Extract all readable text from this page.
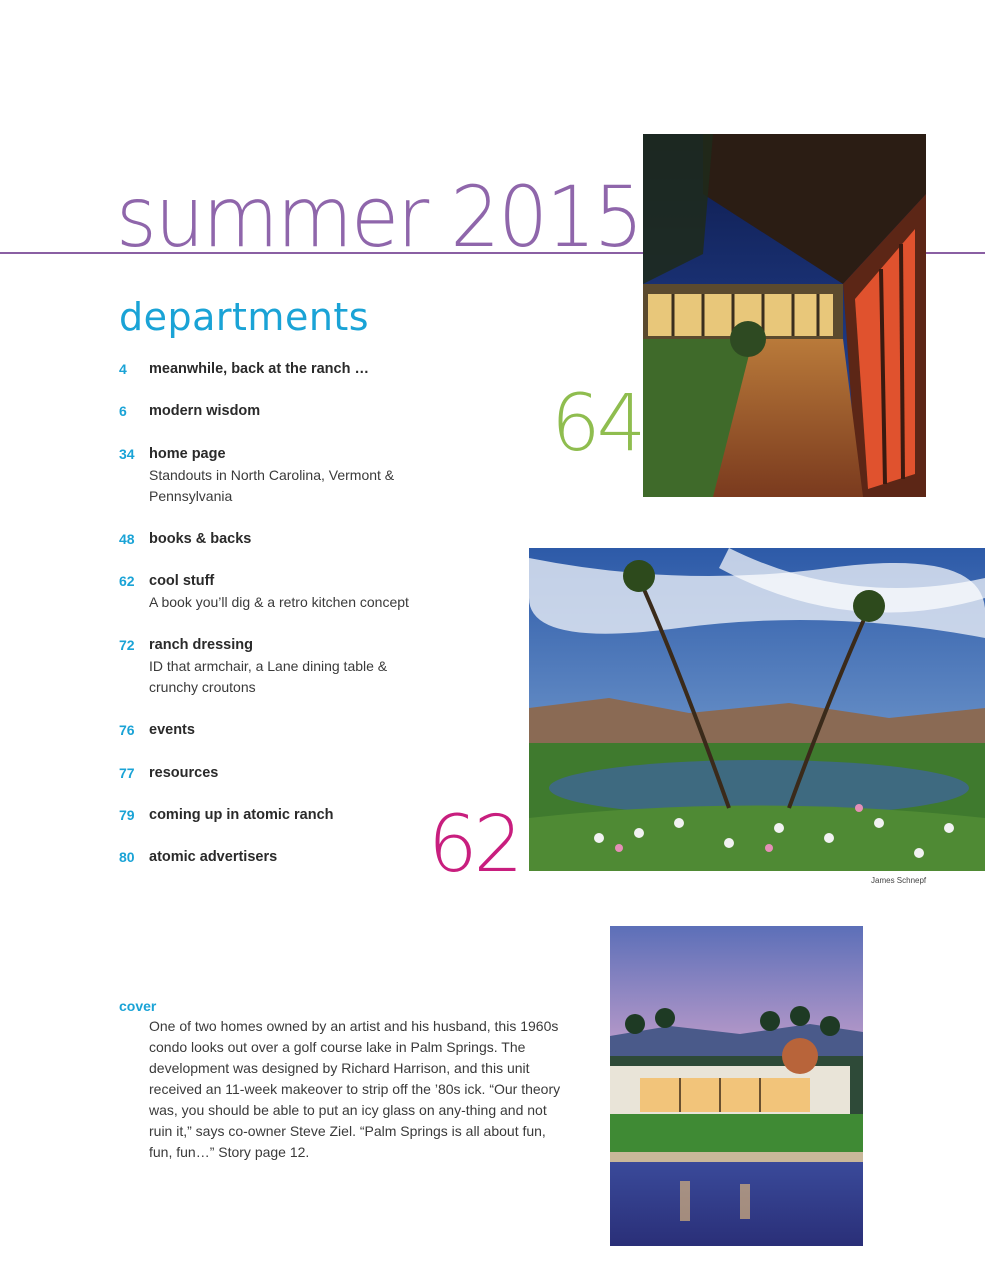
summer 2015
departments
4 meanwhile, back at the ranch …
6 modern wisdom
34 home page
Standouts in North Carolina, Vermont & Pennsylvania
48 books & backs
62 cool stuff
A book you’ll dig & a retro kitchen concept
72 ranch dressing
ID that armchair, a Lane dining table & crunchy croutons
76 events
77 resources
79 coming up in atomic ranch
80 atomic advertisers
64
62	James Schnepf
cover
One of two homes owned by an artist and his husband, this 1960s condo looks out over a golf course lake in Palm Springs. The development was designed by Richard Harrison, and this unit received an 11-week makeover to strip off the ’80s ick. “Our theory was, you should be able to put an icy glass on any-thing and not ruin it,” says co-owner Steve Ziel. “Palm Springs is all about fun, fun, fun…” Story page 12.
